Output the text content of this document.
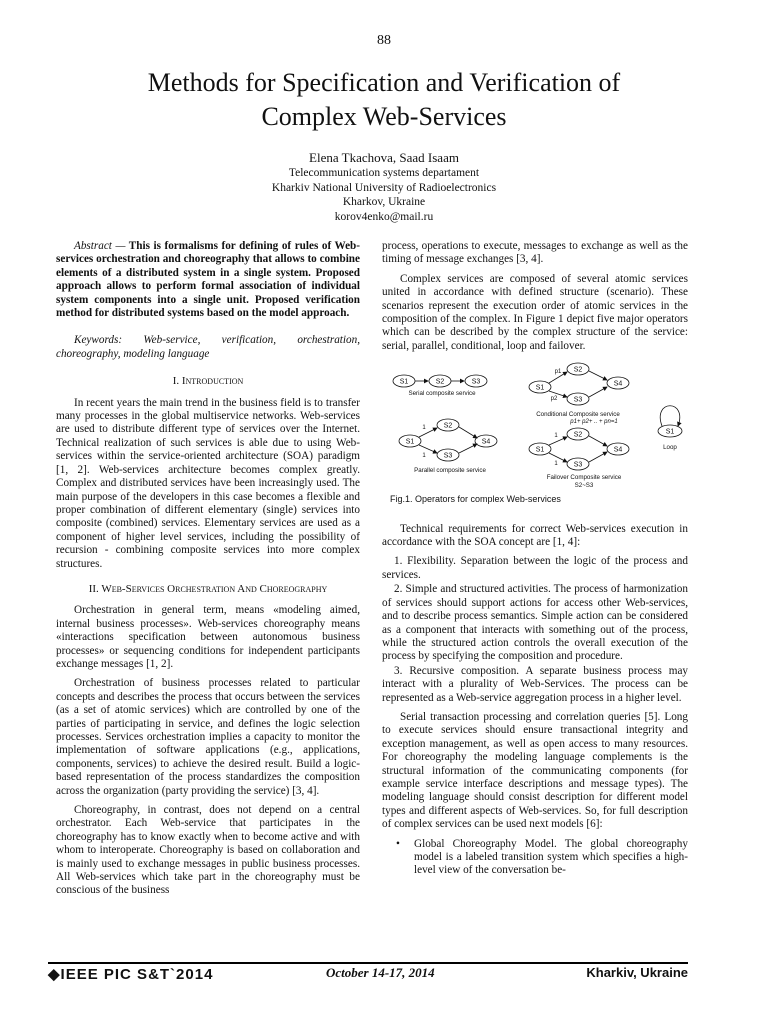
88
Methods for Specification and Verification of
Complex Web-Services
Elena Tkachova, Saad Isaam
Telecommunication systems departament
Kharkiv National University of Radioelectronics
Kharkov, Ukraine
korov4enko@mail.ru

Abstract — This is formalisms for defining of rules of Web-services orchestration and choreography that allows to combine elements of a distributed system in a single system. Proposed approach allows to perform formal association of individual system components into a single unit. Proposed verification method for distributed systems based on the model approach.

Keywords: Web-service, verification, orchestration, choreography, modeling language

I. Introduction

In recent years the main trend in the business field is to transfer many processes in the global multiservice networks. Web-services are used to distribute different type of services over the Internet. Technical realization of such services is able due to using Web-services within the service-oriented architecture (SOA) paradigm [1, 2]. Web-services architecture becomes complex greatly. Complex and distributed services have been increasingly used. The main purpose of the developers in this case becomes a flexible and proper combination of different elementary (single) services into composite (combined) services. Elementary services are used as a component of higher level services, including the possibility of recursion - combining composite services into more complex structures.

II. Web-Services Orchestration And Choreography

Orchestration in general term, means «modeling aimed, internal business processes». Web-services choreography means «interactions specification between autonomous business processes» or sequencing conditions for independent participants exchange messages [1, 2].

Orchestration of business processes related to particular concepts and describes the process that occurs between the services (as a set of atomic services) which are controlled by one of the parties of participating in service, and defines the logic selection processes. Services orchestration implies a capacity to monitor the implementation of software applications (e.g., applications, components, services) to achieve the desired result. Build a logic-based representation of the process standardizes the composition across the organization (party providing the service) [3, 4].

Choreography, in contrast, does not depend on a central orchestrator. Each Web-service that participates in the choreography has to know exactly when to become active and with whom to interoperate. Choreography is based on collaboration and is mainly used to exchange messages in public business processes. All Web-services which take part in the choreography must be conscious of the business

process, operations to execute, messages to exchange as well as the timing of message exchanges [3, 4].

Complex services are composed of several atomic services united in accordance with defined structure (scenario). These scenarios represent the execution order of atomic services in the composition of the complex. In Figure 1 depict five major operators which can be described by the complex structure of the service: serial, parallel, conditional, loop and failover.

S1	S2	S3
Serial composite service
S1
S2
S3
S4
p1
p2
Conditional Composite service
S1
S2
S3
S4
1
1
Parallel composite service
S1
S2
S3
S4
1
1
p1+ p2+ .. + pn=1
Failover Composite service
S2~S3
S1
Loop

Fig.1. Operators for complex Web-services

Technical requirements for correct Web-services execution in accordance with the SOA concept are [1, 4]:

1. Flexibility. Separation between the logic of the process and services.

2. Simple and structured activities. The process of harmonization of services should support actions for access other Web-services, and to describe process semantics. Simple action can be considered as a component that interacts with something out of the process, while the structured action controls the overall execution of the process by specifying the composition and procedure.

3. Recursive composition. A separate business process may interact with a plurality of Web-Services. The process can be represented as a Web-service aggregation process in a higher level.

Serial transaction processing and correlation queries [5]. Long to execute services should ensure transactional integrity and exception management, as well as open access to many resources. For choreography the modeling language complements is the structural information of the communicating components (for example service interface descriptions and message types). The modeling language should consist description for different model types and different aspects of Web-services. So, for full description of complex services can be used next models [6]:

• Global Choreography Model. The global choreography model is a labeled transition system which specifies a high-level view of the conversation be-

◆IEEE PIC S&T`2014	October 14-17, 2014	Kharkiv, Ukraine
